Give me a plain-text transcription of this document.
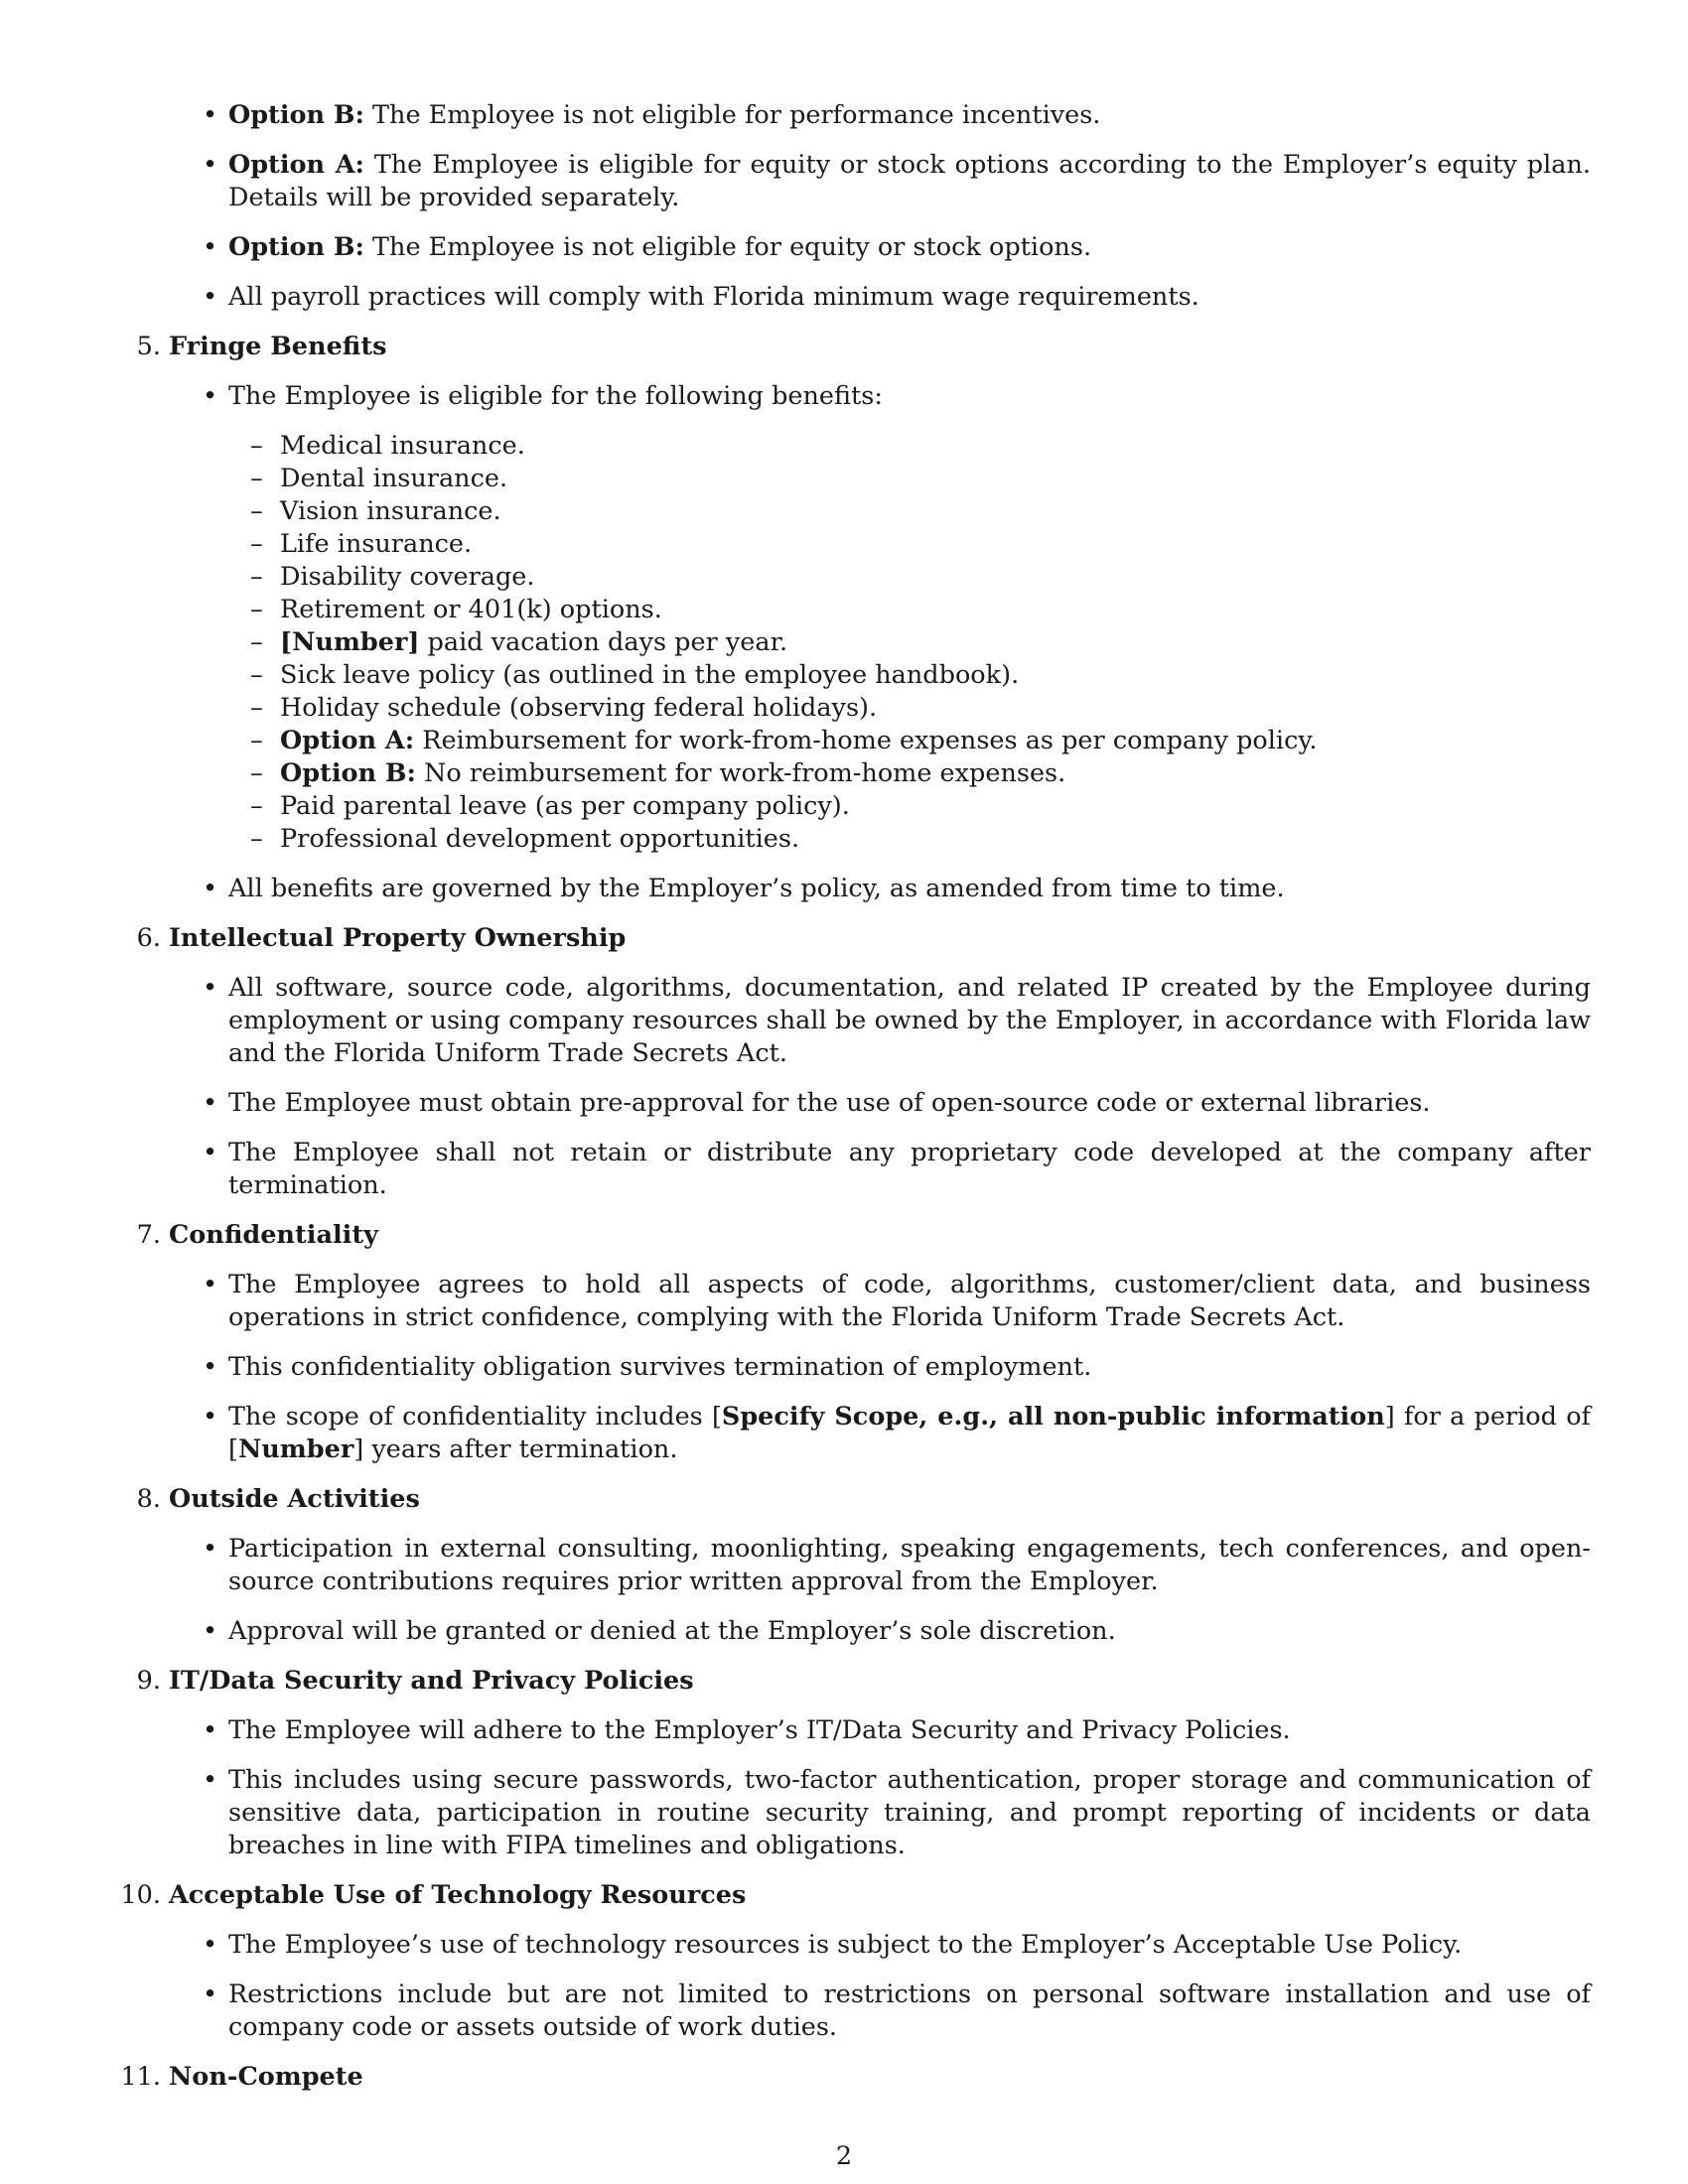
• Option B: The Employee is not eligible for performance incentives.
• Option A: The Employee is eligible for equity or stock options according to the Employer’s equity plan. Details will be provided separately.
• Option B: The Employee is not eligible for equity or stock options.
• All payroll practices will comply with Florida minimum wage requirements.
5. Fringe Benefits
• The Employee is eligible for the following benefits:
– Medical insurance.
– Dental insurance.
– Vision insurance.
– Life insurance.
– Disability coverage.
– Retirement or 401(k) options.
– [Number] paid vacation days per year.
– Sick leave policy (as outlined in the employee handbook).
– Holiday schedule (observing federal holidays).
– Option A: Reimbursement for work-from-home expenses as per company policy.
– Option B: No reimbursement for work-from-home expenses.
– Paid parental leave (as per company policy).
– Professional development opportunities.
• All benefits are governed by the Employer’s policy, as amended from time to time.
6. Intellectual Property Ownership
• All software, source code, algorithms, documentation, and related IP created by the Employee during employment or using company resources shall be owned by the Employer, in accordance with Florida law and the Florida Uniform Trade Secrets Act.
• The Employee must obtain pre-approval for the use of open-source code or external libraries.
• The Employee shall not retain or distribute any proprietary code developed at the company after termination.
7. Confidentiality
• The Employee agrees to hold all aspects of code, algorithms, customer/client data, and business operations in strict confidence, complying with the Florida Uniform Trade Secrets Act.
• This confidentiality obligation survives termination of employment.
• The scope of confidentiality includes [Specify Scope, e.g., all non-public information] for a period of [Number] years after termination.
8. Outside Activities
• Participation in external consulting, moonlighting, speaking engagements, tech conferences, and open-source contributions requires prior written approval from the Employer.
• Approval will be granted or denied at the Employer’s sole discretion.
9. IT/Data Security and Privacy Policies
• The Employee will adhere to the Employer’s IT/Data Security and Privacy Policies.
• This includes using secure passwords, two-factor authentication, proper storage and communication of sensitive data, participation in routine security training, and prompt reporting of incidents or data breaches in line with FIPA timelines and obligations.
10. Acceptable Use of Technology Resources
• The Employee’s use of technology resources is subject to the Employer’s Acceptable Use Policy.
• Restrictions include but are not limited to restrictions on personal software installation and use of company code or assets outside of work duties.
11. Non-Compete
2
